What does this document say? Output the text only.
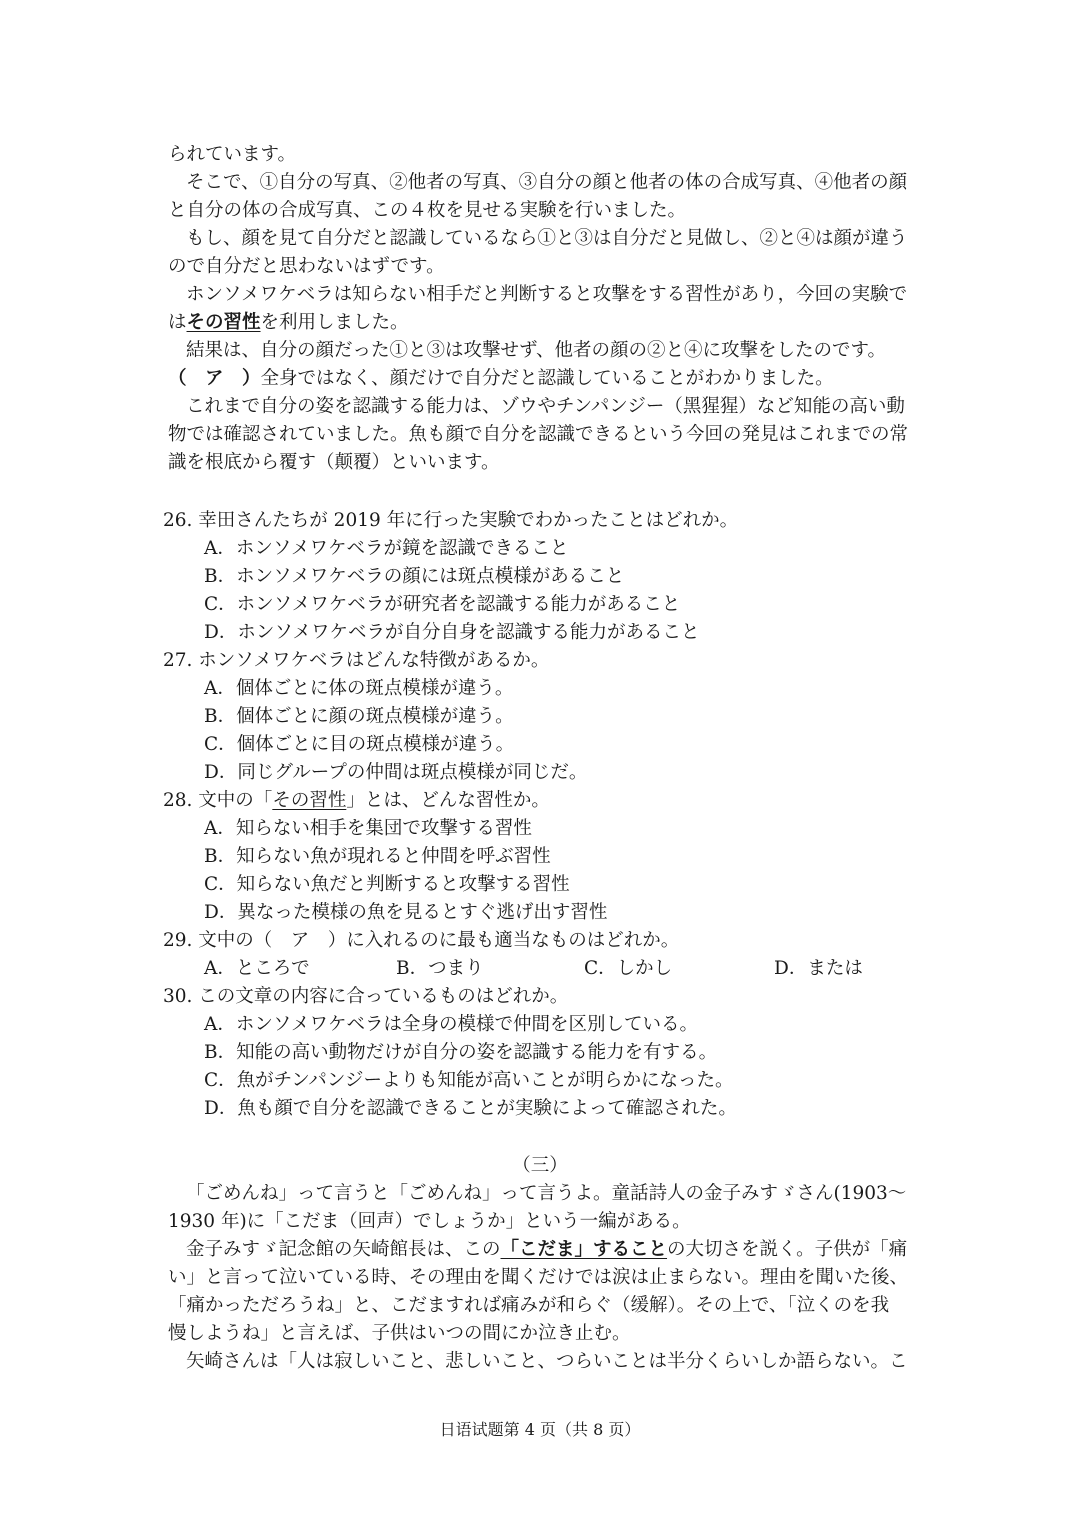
られています。
そこで、①自分の写真、②他者の写真、③自分の顔と他者の体の合成写真、④他者の顔
と自分の体の合成写真、この４枚を見せる実験を行いました。
もし、顔を見て自分だと認識しているなら①と③は自分だと見做し、②と④は顔が違う
ので自分だと思わないはずです。
ホンソメワケベラは知らない相手だと判断すると攻撃をする習性があり，今回の実験で
はその習性を利用しました。
結果は、自分の顔だった①と③は攻撃せず、他者の顔の②と④に攻撃をしたのです。
（　ア　）全身ではなく、顔だけで自分だと認識していることがわかりました。
これまで自分の姿を認識する能力は、ゾウやチンパンジー（黑猩猩）など知能の高い動
物では確認されていました。魚も顔で自分を認識できるという今回の発見はこれまでの常
識を根底から覆す（颠覆）といいます。
26. 幸田さんたちが 2019 年に行った実験でわかったことはどれか。
A．ホンソメワケベラが鏡を認識できること
B．ホンソメワケベラの顔には斑点模様があること
C．ホンソメワケベラが研究者を認識する能力があること
D．ホンソメワケベラが自分自身を認識する能力があること
27. ホンソメワケベラはどんな特徴があるか。
A．個体ごとに体の斑点模様が違う。
B．個体ごとに顔の斑点模様が違う。
C．個体ごとに目の斑点模様が違う。
D．同じグループの仲間は斑点模様が同じだ。
28. 文中の「その習性」とは、どんな習性か。
A．知らない相手を集団で攻撃する習性
B．知らない魚が現れると仲間を呼ぶ習性
C．知らない魚だと判断すると攻撃する習性
D．異なった模様の魚を見るとすぐ逃げ出す習性
29. 文中の（　ア　）に入れるのに最も適当なものはどれか。
A．ところで	B．つまり	C．しかし	D．または
30. この文章の内容に合っているものはどれか。
A．ホンソメワケベラは全身の模様で仲間を区別している。
B．知能の高い動物だけが自分の姿を認識する能力を有する。
C．魚がチンパンジーよりも知能が高いことが明らかになった。
D．魚も顔で自分を認識できることが実験によって確認された。
（三）
「ごめんね」って言うと「ごめんね」って言うよ。童話詩人の金子みすゞさん(1903～
1930 年)に「こだま（回声）でしょうか」という一編がある。
金子みすゞ記念館の矢崎館長は、この「こだま」することの大切さを説く。子供が「痛
い」と言って泣いている時、その理由を聞くだけでは涙は止まらない。理由を聞いた後、
「痛かっただろうね」と、こだますれば痛みが和らぐ（缓解）。その上で、「泣くのを我
慢しようね」と言えば、子供はいつの間にか泣き止む。
矢崎さんは「人は寂しいこと、悲しいこと、つらいことは半分くらいしか語らない。こ
日语试题第 4 页（共 8 页）
